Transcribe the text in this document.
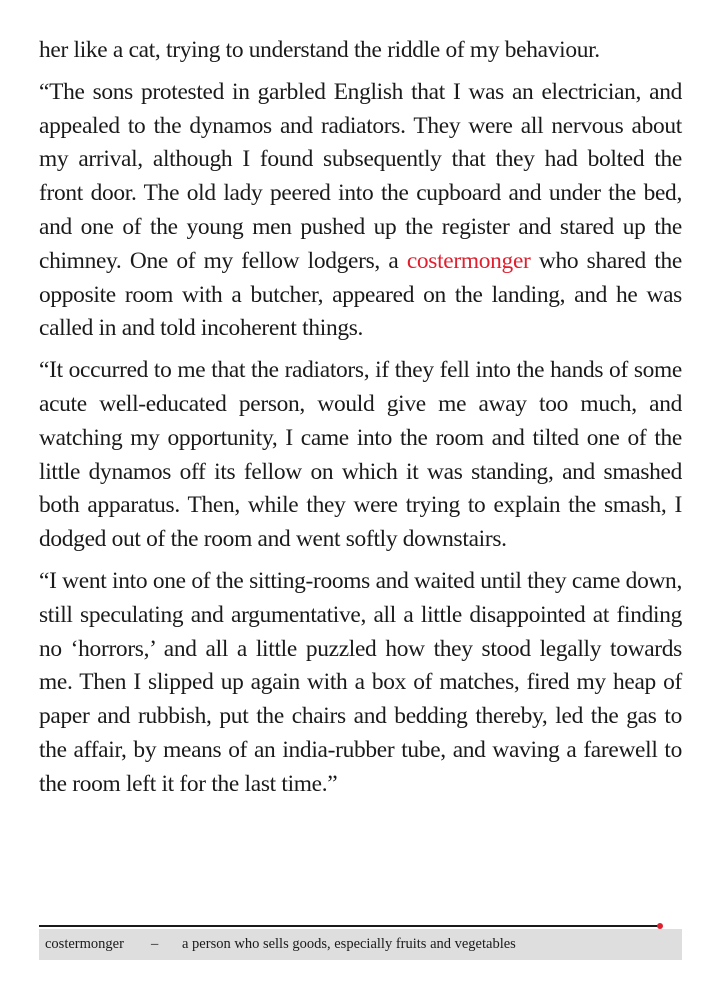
her like a cat, trying to understand the riddle of my behaviour.

“The sons protested in garbled English that I was an electrician, and appealed to the dynamos and radiators. They were all nervous about my arrival, although I found subsequently that they had bolted the front door. The old lady peered into the cupboard and under the bed, and one of the young men pushed up the register and stared up the chimney. One of my fellow lodgers, a costermonger who shared the opposite room with a butcher, appeared on the landing, and he was called in and told incoherent things.

“It occurred to me that the radiators, if they fell into the hands of some acute well-educated person, would give me away too much, and watching my opportunity, I came into the room and tilted one of the little dynamos off its fellow on which it was standing, and smashed both apparatus. Then, while they were trying to explain the smash, I dodged out of the room and went softly downstairs.

“I went into one of the sitting-rooms and waited until they came down, still speculating and argumentative, all a little disappointed at finding no ‘horrors,’ and all a little puzzled how they stood legally towards me. Then I slipped up again with a box of matches, fired my heap of paper and rubbish, put the chairs and bedding thereby, led the gas to the affair, by means of an india-rubber tube, and waving a farewell to the room left it for the last time.”

costermonger – a person who sells goods, especially fruits and vegetables
